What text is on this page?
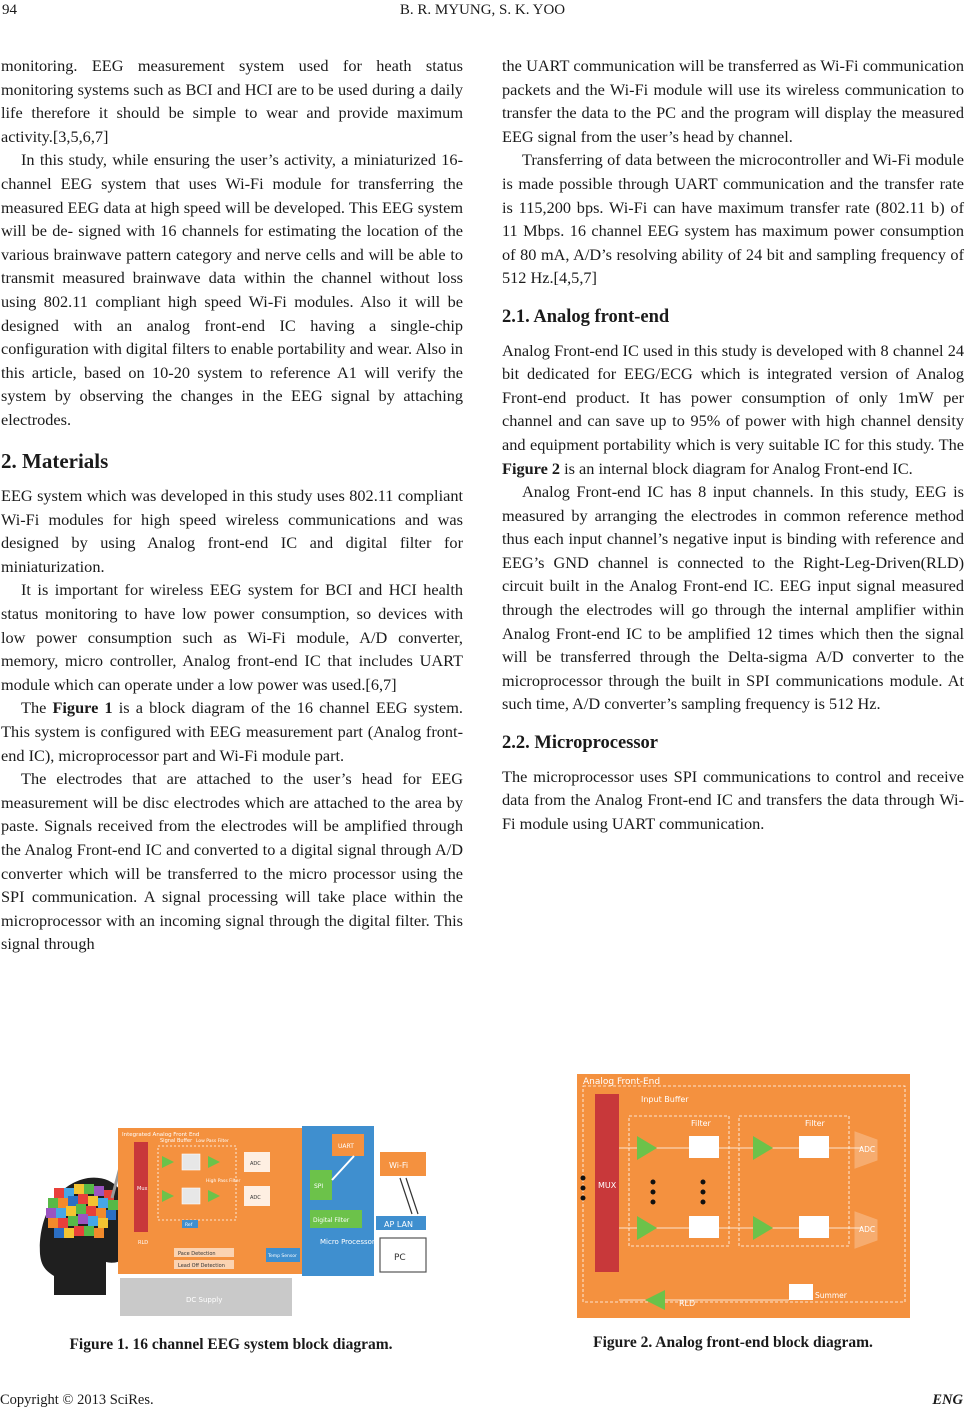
94	B. R. MYUNG, S. K. YOO

monitoring. EEG measurement system used for heath status monitoring systems such as BCI and HCI are to be used during a daily life therefore it should be simple to wear and provide maximum activity.[3,5,6,7]

In this study, while ensuring the user’s activity, a miniaturized 16-channel EEG system that uses Wi-Fi module for transferring the measured EEG data at high speed will be developed. This EEG system will be de- signed with 16 channels for estimating the location of the various brainwave pattern category and nerve cells and will be able to transmit measured brainwave data within the channel without loss using 802.11 compliant high speed Wi-Fi modules. Also it will be designed with an analog front-end IC having a single-chip configuration with digital filters to enable portability and wear. Also in this article, based on 10-20 system to reference A1 will verify the system by observing the changes in the EEG signal by attaching electrodes.

2. Materials

EEG system which was developed in this study uses 802.11 compliant Wi-Fi modules for high speed wireless communications and was designed by using Analog front-end IC and digital filter for miniaturization.

It is important for wireless EEG system for BCI and HCI health status monitoring to have low power consumption, so devices with low power consumption such as Wi-Fi module, A/D converter, memory, micro controller, Analog front-end IC that includes UART module which can operate under a low power was used.[6,7]

The Figure 1 is a block diagram of the 16 channel EEG system. This system is configured with EEG measurement part (Analog front-end IC), microprocessor part and Wi-Fi module part.

The electrodes that are attached to the user’s head for EEG measurement will be disc electrodes which are attached to the area by paste. Signals received from the electrodes will be amplified through the Analog Front-end IC and converted to a digital signal through A/D converter which will be transferred to the micro processor using the SPI communication. A signal processing will take place within the microprocessor with an incoming signal through the digital filter. This signal through

the UART communication will be transferred as Wi-Fi communication packets and the Wi-Fi module will use its wireless communication to transfer the data to the PC and the program will display the measured EEG signal from the user’s head by channel.

Transferring of data between the microcontroller and Wi-Fi module is made possible through UART communication and the transfer rate is 115,200 bps. Wi-Fi can have maximum transfer rate (802.11 b) of 11 Mbps. 16 channel EEG system has maximum power consumption of 80 mA, A/D’s resolving ability of 24 bit and sampling frequency of 512 Hz.[4,5,7]

2.1. Analog front-end

Analog Front-end IC used in this study is developed with 8 channel 24 bit dedicated for EEG/ECG which is integrated version of Analog Front-end product. It has power consumption of only 1mW per channel and can save up to 95% of power with high channel density and equipment portability which is very suitable IC for this study. The Figure 2 is an internal block diagram for Analog Front-end IC.

Analog Front-end IC has 8 input channels. In this study, EEG is measured by arranging the electrodes in common reference method thus each input channel’s negative input is binding with reference and EEG’s GND channel is connected to the Right-Leg-Driven(RLD) circuit built in the Analog Front-end IC. EEG input signal measured through the electrodes will go through the internal amplifier within Analog Front-end IC to be amplified 12 times which then the signal will be transferred through the Delta-sigma A/D converter to the microprocessor through the built in SPI communications module. At such time, A/D converter’s sampling frequency is 512 Hz.

2.2. Microprocessor

The microprocessor uses SPI communications to control and receive data from the Analog Front-end IC and transfers the data through Wi-Fi module using UART communication.

Integrated Analog Front End
Mux
Signal Buffer Low Pass Filter
High Pass Filter
ADC
ADC
Ref
RLD
Pace Detection
Lead Off Detection
Temp Sensor
UART
SPI
Digital Filter
Micro Processor
Wi-Fi
AP LAN
PC
DC Supply
Figure 1. 16 channel EEG system block diagram.
Analog Front-End
+In1
-In1
+In2
-In3
+In1
-In1
+In7
-In7
+In8
-In8
MUX
Input Buffer
Filter	Filter
ADC
ADC
RLD
Summer
Figure 2. Analog front-end block diagram.
Copyright © 2013 SciRes.	ENG
